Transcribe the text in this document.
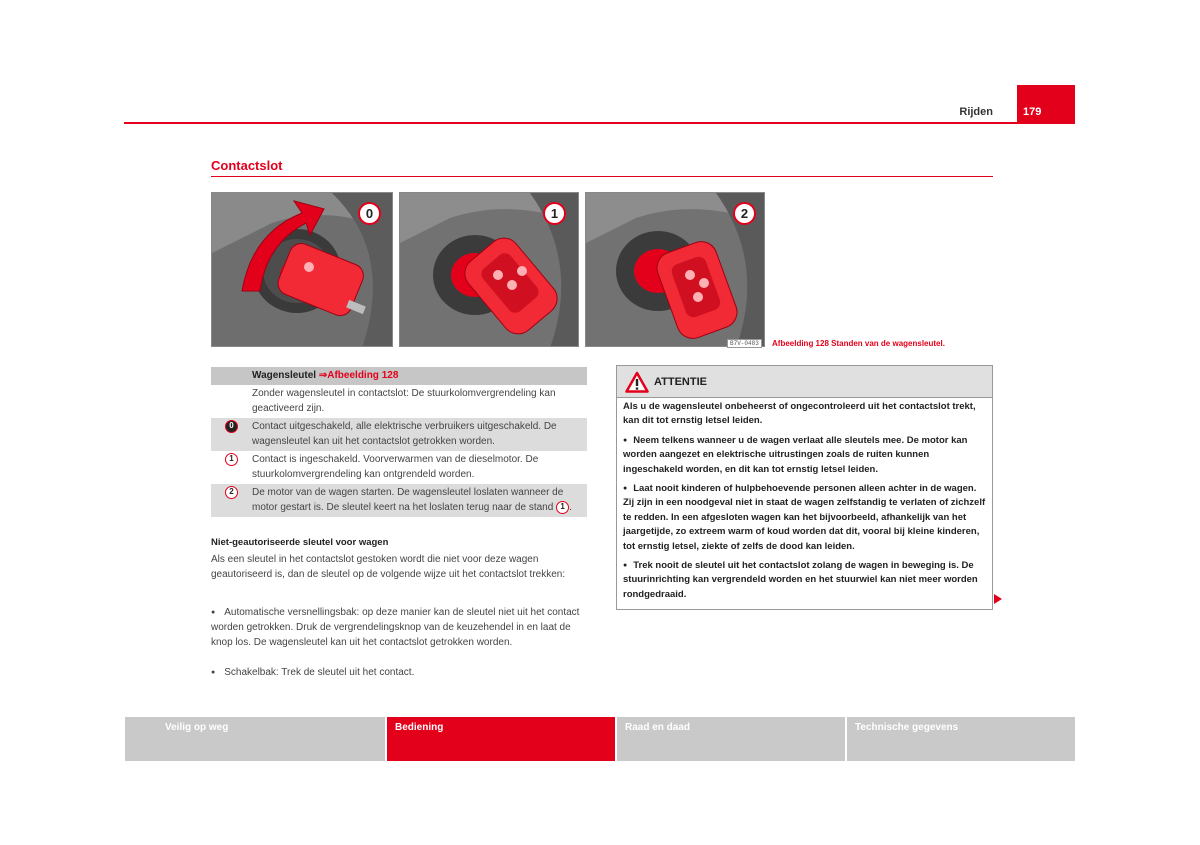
Rijden	179
Contactslot
0	1	2
B7V-0483	Afbeelding 128 Standen van de wagensleutel.
	Wagensleutel ⇒Afbeelding 128
	Zonder wagensleutel in contactslot: De stuurkolomvergrendeling kan geactiveerd zijn.
0	Contact uitgeschakeld, alle elektrische verbruikers uitgeschakeld. De wagensleutel kan uit het contactslot getrokken worden.
1	Contact is ingeschakeld. Voorverwarmen van de dieselmotor. De stuurkolomvergrendeling kan ontgrendeld worden.
2	De motor van de wagen starten. De wagensleutel loslaten wanneer de motor gestart is. De sleutel keert na het loslaten terug naar de stand 1 .
Niet-geautoriseerde sleutel voor wagen
Als een sleutel in het contactslot gestoken wordt die niet voor deze wagen geautoriseerd is, dan de sleutel op de volgende wijze uit het contactslot trekken:
● Automatische versnellingsbak: op deze manier kan de sleutel niet uit het contact worden getrokken. Druk de vergrendelingsknop van de keuzehendel in en laat de knop los. De wagensleutel kan uit het contactslot getrokken worden.
● Schakelbak: Trek de sleutel uit het contact.
ATTENTIE

Als u de wagensleutel onbeheerst of ongecontroleerd uit het contactslot trekt, kan dit tot ernstig letsel leiden.

● Neem telkens wanneer u de wagen verlaat alle sleutels mee. De motor kan worden aangezet en elektrische uitrustingen zoals de ruiten kunnen ingeschakeld worden, en dit kan tot ernstig letsel leiden.

● Laat nooit kinderen of hulpbehoevende personen alleen achter in de wagen. Zij zijn in een noodgeval niet in staat de wagen zelfstandig te verlaten of zichzelf te redden. In een afgesloten wagen kan het bijvoorbeeld, afhankelijk van het jaargetijde, zo extreem warm of koud worden dat dit, vooral bij kleine kinderen, tot ernstig letsel, ziekte of zelfs de dood kan leiden.

● Trek nooit de sleutel uit het contactslot zolang de wagen in beweging is. De stuurinrichting kan vergrendeld worden en het stuurwiel kan niet meer worden rondgedraaid.

Veilig op weg	Bediening	Raad en daad	Technische gegevens
